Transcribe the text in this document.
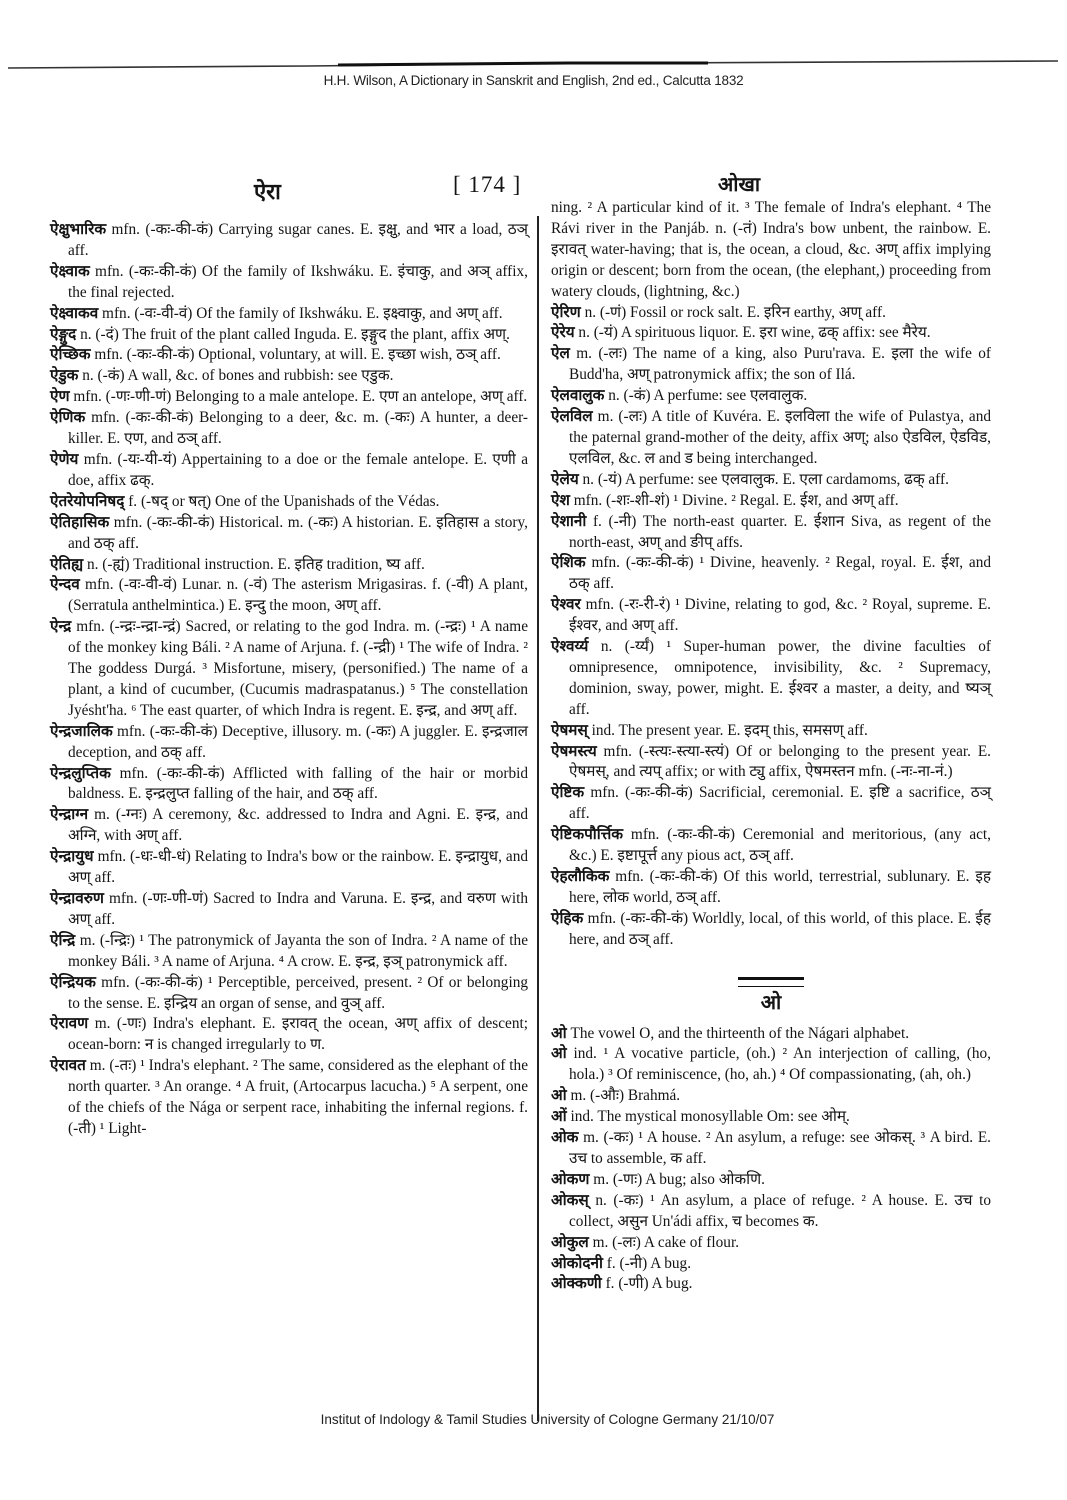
H.H. Wilson, A Dictionary in Sanskrit and English, 2nd ed., Calcutta 1832
ऐरा	[ 174 ]	ओखा

ऐक्षुभारिक mfn. (-कः-की-कं) Carrying sugar canes. E. इक्षु, and भार a load, ठञ् aff.

ऐक्ष्वाक mfn. (-कः-की-कं) Of the family of Ikshwáku. E. इंचाकु, and अञ् affix, the final rejected.

ऐक्ष्वाकव mfn. (-वः-वी-वं) Of the family of Ikshwáku. E. इक्ष्वाकु, and अण् aff.

ऐङ्गुद n. (-दं) The fruit of the plant called Inguda. E. इङ्गुद the plant, affix अण्.

ऐच्छिक mfn. (-कः-की-कं) Optional, voluntary, at will. E. इच्छा wish, ठञ् aff.

ऐडुक n. (-कं) A wall, &c. of bones and rubbish: see एडुक.

ऐण mfn. (-णः-णी-णं) Belonging to a male antelope. E. एण an antelope, अण् aff.

ऐणिक mfn. (-कः-की-कं) Belonging to a deer, &c. m. (-कः) A hunter, a deer-killer. E. एण, and ठञ् aff.

ऐणेय mfn. (-यः-यी-यं) Appertaining to a doe or the female antelope. E. एणी a doe, affix ढक्.

ऐतरेयोपनिषद् f. (-षद् or षत्) One of the Upanishads of the Védas.

ऐतिहासिक mfn. (-कः-की-कं) Historical. m. (-कः) A historian. E. इतिहास a story, and ठक् aff.

ऐतिह्य n. (-ह्यं) Traditional instruction. E. इतिह tradition, ष्य aff.

ऐन्दव mfn. (-वः-वी-वं) Lunar. n. (-वं) The asterism Mrigasiras. f. (-वी) A plant, (Serratula anthelmintica.) E. इन्दु the moon, अण् aff.

ऐन्द्र mfn. (-न्द्रः-न्द्रा-न्द्रं) Sacred, or relating to the god Indra. m. (-न्द्रः) ¹ A name of the monkey king Báli. ² A name of Arjuna. f. (-न्द्री) ¹ The wife of Indra. ² The goddess Durgá. ³ Misfortune, misery, (personified.) The name of a plant, a kind of cucumber, (Cucumis madraspatanus.) ⁵ The constellation Jyésht'ha. ⁶ The east quarter, of which Indra is regent. E. इन्द्र, and अण् aff.

ऐन्द्रजालिक mfn. (-कः-की-कं) Deceptive, illusory. m. (-कः) A juggler. E. इन्द्रजाल deception, and ठक् aff.

ऐन्द्रलुप्तिक mfn. (-कः-की-कं) Afflicted with falling of the hair or morbid baldness. E. इन्द्रलुप्त falling of the hair, and ठक् aff.

ऐन्द्राग्न m. (-ग्नः) A ceremony, &c. addressed to Indra and Agni. E. इन्द्र, and अग्नि, with अण् aff.

ऐन्द्रायुध mfn. (-धः-धी-धं) Relating to Indra's bow or the rainbow. E. इन्द्रायुध, and अण् aff.

ऐन्द्रावरुण mfn. (-णः-णी-णं) Sacred to Indra and Varuna. E. इन्द्र, and वरुण with अण् aff.

ऐन्द्रि m. (-न्द्रिः) ¹ The patronymick of Jayanta the son of Indra. ² A name of the monkey Báli. ³ A name of Arjuna. ⁴ A crow. E. इन्द्र, इञ् patronymick aff.

ऐन्द्रियक mfn. (-कः-की-कं) ¹ Perceptible, perceived, present. ² Of or belonging to the sense. E. इन्द्रिय an organ of sense, and वुञ् aff.

ऐरावण m. (-णः) Indra's elephant. E. इरावत् the ocean, अण् affix of descent; ocean-born: न is changed irregularly to ण.

ऐरावत m. (-तः) ¹ Indra's elephant. ² The same, considered as the elephant of the north quarter. ³ An orange. ⁴ A fruit, (Artocarpus lacucha.) ⁵ A serpent, one of the chiefs of the Nága or serpent race, inhabiting the infernal regions. f. (-ती) ¹ Light-

ning. ² A particular kind of it. ³ The female of Indra's elephant. ⁴ The Rávi river in the Panjáb. n. (-तं) Indra's bow unbent, the rainbow. E. इरावत् water-having; that is, the ocean, a cloud, &c. अण् affix implying origin or descent; born from the ocean, (the elephant,) proceeding from watery clouds, (lightning, &c.)

ऐरिण n. (-णं) Fossil or rock salt. E. इरिन earthy, अण् aff.

ऐरेय n. (-यं) A spirituous liquor. E. इरा wine, ढक् affix: see मैरेय.

ऐल m. (-लः) The name of a king, also Puru'rava. E. इला the wife of Budd'ha, अण् patronymick affix; the son of Ilá.

ऐलवालुक n. (-कं) A perfume: see एलवालुक.

ऐलविल m. (-लः) A title of Kuvéra. E. इलविला the wife of Pulastya, and the paternal grand-mother of the deity, affix अण्; also ऐडविल, ऐडविड, एलविल, &c. ल and ड being interchanged.

ऐलेय n. (-यं) A perfume: see एलवालुक. E. एला cardamoms, ढक् aff.

ऐश mfn. (-शः-शी-शं) ¹ Divine. ² Regal. E. ईश, and अण् aff.

ऐशानी f. (-नी) The north-east quarter. E. ईशान Siva, as regent of the north-east, अण् and ङीप् affs.

ऐशिक mfn. (-कः-की-कं) ¹ Divine, heavenly. ² Regal, royal. E. ईश, and ठक् aff.

ऐश्वर mfn. (-रः-री-रं) ¹ Divine, relating to god, &c. ² Royal, supreme. E. ईश्वर, and अण् aff.

ऐश्वर्य्य n. (-र्य्यं) ¹ Super-human power, the divine faculties of omnipresence, omnipotence, invisibility, &c. ² Supremacy, dominion, sway, power, might. E. ईश्वर a master, a deity, and ष्यञ् aff.

ऐषमस् ind. The present year. E. इदम् this, समसण् aff.

ऐषमस्त्य mfn. (-स्त्यः-स्त्या-स्त्यं) Of or belonging to the present year. E. ऐषमस्, and त्यप् affix; or with ट्यु affix, ऐषमस्तन mfn. (-नः-ना-नं.)

ऐष्टिक mfn. (-कः-की-कं) Sacrificial, ceremonial. E. इष्टि a sacrifice, ठञ् aff.

ऐष्टिकपौर्त्तिक mfn. (-कः-की-कं) Ceremonial and meritorious, (any act, &c.) E. इष्टापूर्त्त any pious act, ठञ् aff.

ऐहलौकिक mfn. (-कः-की-कं) Of this world, terrestrial, sublunary. E. इह here, लोक world, ठञ् aff.

ऐहिक mfn. (-कः-की-कं) Worldly, local, of this world, of this place. E. ईह here, and ठञ् aff.

ओ

ओ The vowel O, and the thirteenth of the Nágari alphabet.

ओ ind. ¹ A vocative particle, (oh.) ² An interjection of calling, (ho, hola.) ³ Of reminiscence, (ho, ah.) ⁴ Of compassionating, (ah, oh.)

ओ m. (-औः) Brahmá.

ओं ind. The mystical monosyllable Om: see ओम्.

ओक m. (-कः) ¹ A house. ² An asylum, a refuge: see ओकस्. ³ A bird. E. उच to assemble, क aff.

ओकण m. (-णः) A bug; also ओकणि.

ओकस् n. (-कः) ¹ An asylum, a place of refuge. ² A house. E. उच to collect, असुन Un'ádi affix, च becomes क.

ओकुल m. (-लः) A cake of flour.

ओकोदनी f. (-नी) A bug.

ओक्कणी f. (-णी) A bug.

Institut of Indology & Tamil Studies University of Cologne Germany 21/10/07
